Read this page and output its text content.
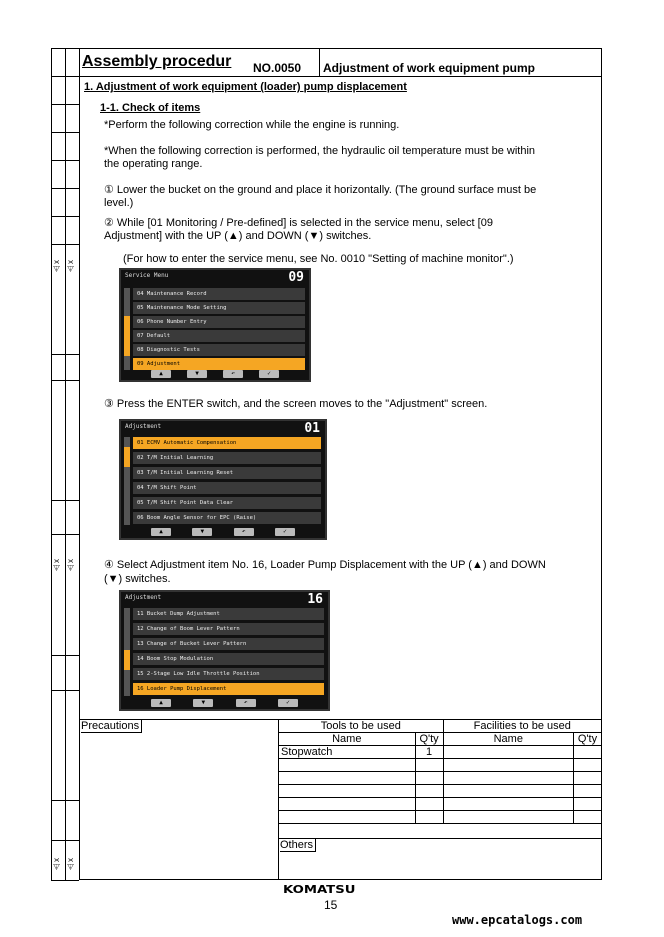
⚠x ⚠x
⚠x ⚠x
⚠x ⚠x
Assembly procedur NO.0050 Adjustment of work equipment pump
1. Adjustment of work equipment (loader) pump displacement
1-1. Check of items
*Perform the following correction while the engine is running.
*When the following correction is performed, the hydraulic oil temperature must be within
the operating range.
① Lower the bucket on the ground and place it horizontally. (The ground surface must be
level.)
② While [01 Monitoring / Pre-defined] is selected in the service menu, select [09
Adjustment] with the UP (▲) and DOWN (▼) switches.
(For how to enter the service menu, see No. 0010 "Setting of machine monitor".)
Service Menu	09
04 Maintenance Record
05 Maintenance Mode Setting
06 Phone Number Entry
07 Default
08 Diagnostic Tests
09 Adjustment
▲	▼	↶	✓
③ Press the ENTER switch, and the screen moves to the "Adjustment" screen.
Adjustment	01
01 ECMV Automatic Compensation
02 T/M Initial Learning
03 T/M Initial Learning Reset
04 T/M Shift Point
05 T/M Shift Point Data Clear
06 Boom Angle Sensor for EPC (Raise)
▲	▼	↶	✓
④ Select Adjustment item No. 16, Loader Pump Displacement with the UP (▲) and DOWN
(▼) switches.
Adjustment	16
11 Bucket Dump Adjustment
12 Change of Boom Lever Pattern
13 Change of Bucket Lever Pattern
14 Boom Stop Modulation
15 2-Stage Low Idle Throttle Position
16 Loader Pump Displacement
▲	▼	↶	✓
Precautions	Tools to be used		Facilities to be used	
Name	Q'ty	Name	Q'ty
Stopwatch	1		

Others
KOMATSU
15
www.epcatalogs.com
